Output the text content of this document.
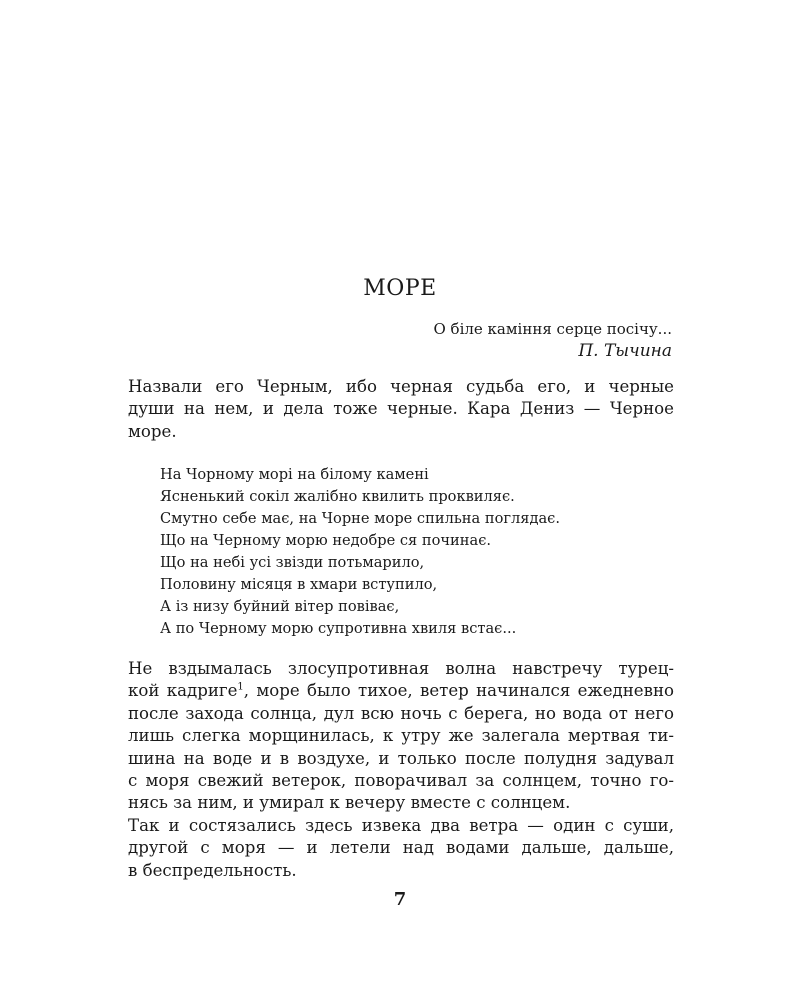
МОРЕ
О біле каміння серце посічу...
П. Тычина
Назвали его Черным, ибо черная судьба его, и черные
души на нем, и дела тоже черные. Кара Дениз — Черное
море.
На Чорному морі на білому камені
Ясненький сокіл жалібно квилить проквиляє.
Смутно себе має, на Чорне море спильна поглядає.
Що на Черному морю недобре ся починає.
Що на небі усі звізди потьмарило,
Половину місяця в хмари вступило,
А із низу буйний вітер повіває,
А по Черному морю супротивна хвиля встає...
Не вздымалась злосупротивная волна навстречу турец-
кой кадриге$^1$, море было тихое, ветер начинался ежедневно
после захода солнца, дул всю ночь с берега, но вода от него
лишь слегка морщинилась, к утру же залегала мертвая ти-
шина на воде и в воздухе, и только после полудня задувал
с моря свежий ветерок, поворачивал за солнцем, точно го-
нясь за ним, и умирал к вечеру вместе с солнцем.
Так и состязались здесь извека два ветра — один с суши,
другой с моря — и летели над водами дальше, дальше,
в беспредельность.
7
